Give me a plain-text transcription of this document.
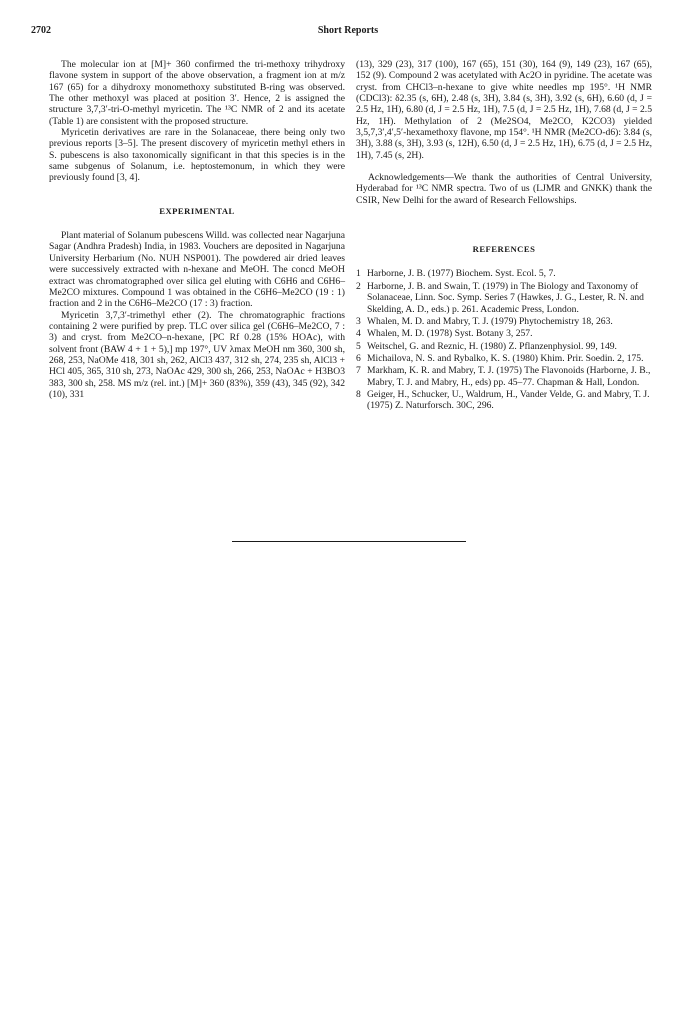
2702	Short Reports

The molecular ion at [M]+ 360 confirmed the tri-methoxy trihydroxy flavone system in support of the above observation, a fragment ion at m/z 167 (65) for a dihydroxy monomethoxy substituted B-ring was observed. The other methoxyl was placed at position 3′. Hence, 2 is assigned the structure 3,7,3′-tri-O-methyl myricetin. The ¹³C NMR of 2 and its acetate (Table 1) are consistent with the proposed structure.

Myricetin derivatives are rare in the Solanaceae, there being only two previous reports [3–5]. The present discovery of myricetin methyl ethers in S. pubescens is also taxonomically significant in that this species is in the same subgenus of Solanum, i.e. heptostemonum, in which they were previously found [3, 4].

EXPERIMENTAL

Plant material of Solanum pubescens Willd. was collected near Nagarjuna Sagar (Andhra Pradesh) India, in 1983. Vouchers are deposited in Nagarjuna University Herbarium (No. NUH NSP001). The powdered air dried leaves were successively extracted with n-hexane and MeOH. The concd MeOH extract was chromatographed over silica gel eluting with C6H6 and C6H6–Me2CO mixtures. Compound 1 was obtained in the C6H6–Me2CO (19 : 1) fraction and 2 in the C6H6–Me2CO (17 : 3) fraction.

Myricetin 3,7,3′-trimethyl ether (2). The chromatographic fractions containing 2 were purified by prep. TLC over silica gel (C6H6–Me2CO, 7 : 3) and cryst. from Me2CO–n-hexane, [PC Rf 0.28 (15% HOAc), with solvent front (BAW 4 + 1 + 5),] mp 197°, UV λmax MeOH nm 360, 300 sh, 268, 253, NaOMe 418, 301 sh, 262, AlCl3 437, 312 sh, 274, 235 sh, AlCl3 + HCl 405, 365, 310 sh, 273, NaOAc 429, 300 sh, 266, 253, NaOAc + H3BO3 383, 300 sh, 258. MS m/z (rel. int.) [M]+ 360 (83%), 359 (43), 345 (92), 342 (10), 331

(13), 329 (23), 317 (100), 167 (65), 151 (30), 164 (9), 149 (23), 167 (65), 152 (9). Compound 2 was acetylated with Ac2O in pyridine. The acetate was cryst. from CHCl3–n-hexane to give white needles mp 195°. ¹H NMR (CDCl3): δ2.35 (s, 6H), 2.48 (s, 3H), 3.84 (s, 3H), 3.92 (s, 6H), 6.60 (d, J = 2.5 Hz, 1H), 6.80 (d, J = 2.5 Hz, 1H), 7.5 (d, J = 2.5 Hz, 1H), 7.68 (d, J = 2.5 Hz, 1H). Methylation of 2 (Me2SO4, Me2CO, K2CO3) yielded 3,5,7,3′,4′,5′-hexamethoxy flavone, mp 154°. ¹H NMR (Me2CO-d6): 3.84 (s, 3H), 3.88 (s, 3H), 3.93 (s, 12H), 6.50 (d, J = 2.5 Hz, 1H), 6.75 (d, J = 2.5 Hz, 1H), 7.45 (s, 2H).

Acknowledgements—We thank the authorities of Central University, Hyderabad for ¹³C NMR spectra. Two of us (LJMR and GNKK) thank the CSIR, New Delhi for the award of Research Fellowships.

REFERENCES
1 Harborne, J. B. (1977) Biochem. Syst. Ecol. 5, 7.
2 Harborne, J. B. and Swain, T. (1979) in The Biology and Taxonomy of Solanaceae, Linn. Soc. Symp. Series 7 (Hawkes, J. G., Lester, R. N. and Skelding, A. D., eds.) p. 261. Academic Press, London.
3 Whalen, M. D. and Mabry, T. J. (1979) Phytochemistry 18, 263.
4 Whalen, M. D. (1978) Syst. Botany 3, 257.
5 Weitschel, G. and Reznic, H. (1980) Z. Pflanzenphysiol. 99, 149.
6 Michailova, N. S. and Rybalko, K. S. (1980) Khim. Prir. Soedin. 2, 175.
7 Markham, K. R. and Mabry, T. J. (1975) The Flavonoids (Harborne, J. B., Mabry, T. J. and Mabry, H., eds) pp. 45–77. Chapman & Hall, London.
8 Geiger, H., Schucker, U., Waldrum, H., Vander Velde, G. and Mabry, T. J. (1975) Z. Naturforsch. 30C, 296.
